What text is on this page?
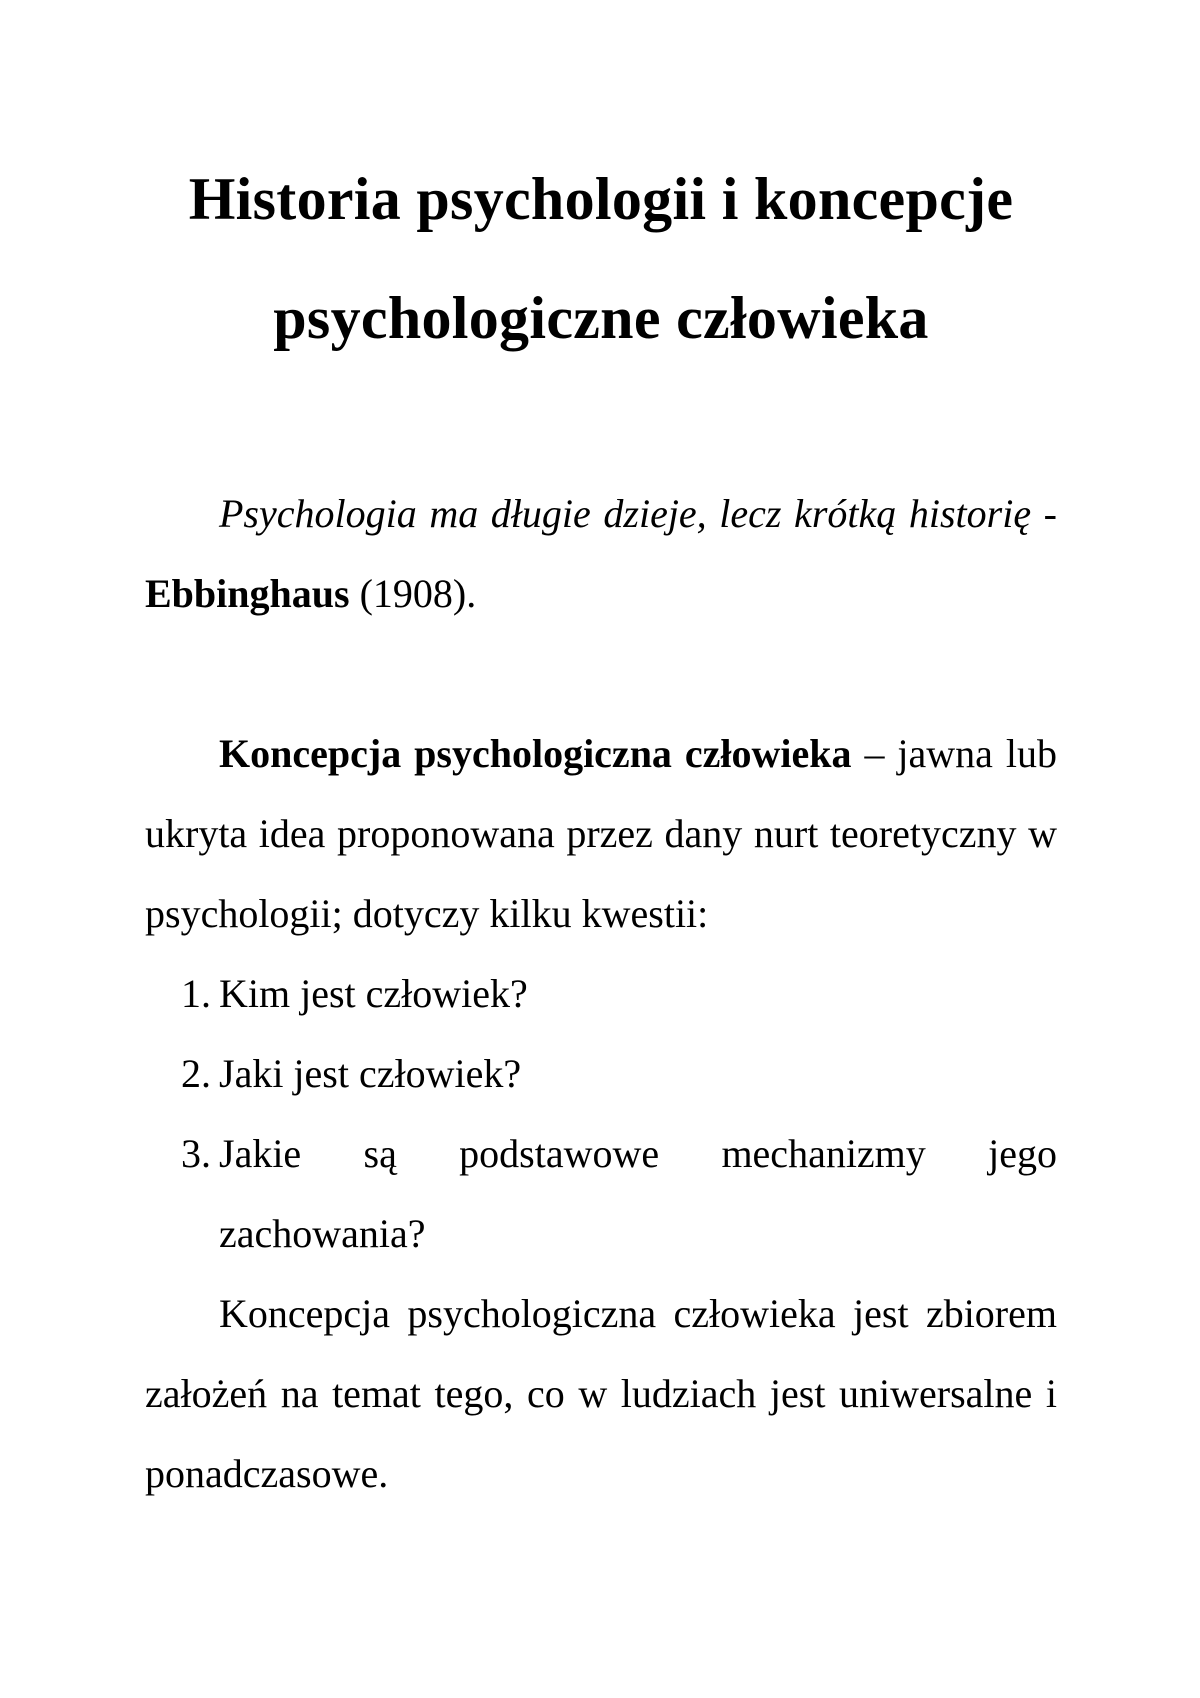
Historia psychologii i koncepcje
psychologiczne człowieka

Psychologia ma długie dzieje, lecz krótką historię - Ebbinghaus (1908).

Koncepcja psychologiczna człowieka – jawna lub ukryta idea proponowana przez dany nurt teoretyczny w psychologii; dotyczy kilku kwestii:

1. Kim jest człowiek?
2. Jaki jest człowiek?
3. Jakie są podstawowe mechanizmy jego zachowania?

Koncepcja psychologiczna człowieka jest zbiorem założeń na temat tego, co w ludziach jest uniwersalne i ponadczasowe.
